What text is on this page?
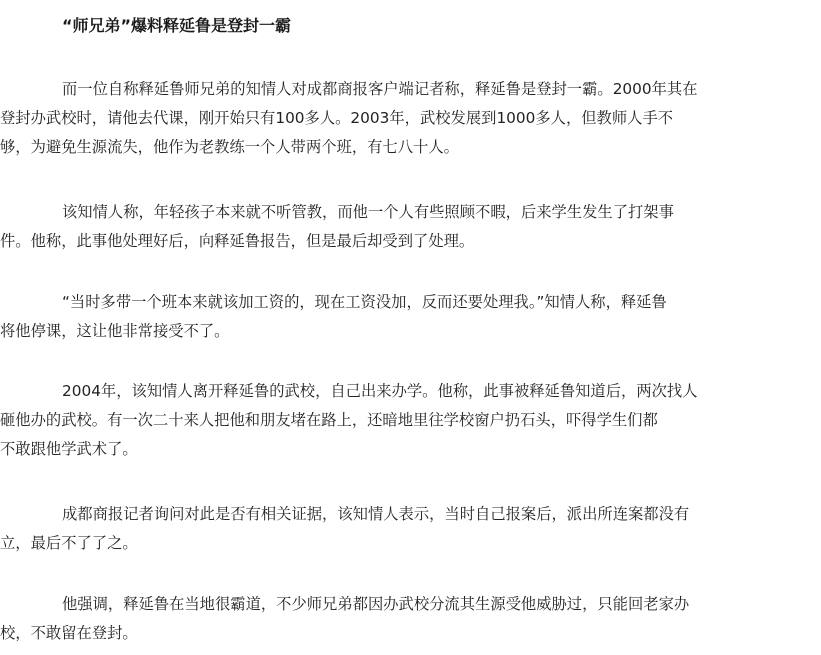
“师兄弟”爆料释延鲁是登封一霸
而一位自称释延鲁师兄弟的知情人对成都商报客户端记者称，释延鲁是登封一霸。2000年其在
登封办武校时，请他去代课，刚开始只有100多人。2003年，武校发展到1000多人，但教师人手不
够，为避免生源流失，他作为老教练一个人带两个班，有七八十人。
该知情人称，年轻孩子本来就不听管教，而他一个人有些照顾不暇，后来学生发生了打架事
件。他称，此事他处理好后，向释延鲁报告，但是最后却受到了处理。
“当时多带一个班本来就该加工资的，现在工资没加，反而还要处理我。”知情人称，释延鲁
将他停课，这让他非常接受不了。
2004年，该知情人离开释延鲁的武校，自己出来办学。他称，此事被释延鲁知道后，两次找人
砸他办的武校。有一次二十来人把他和朋友堵在路上，还暗地里往学校窗户扔石头，吓得学生们都
不敢跟他学武术了。
成都商报记者询问对此是否有相关证据，该知情人表示，当时自己报案后，派出所连案都没有
立，最后不了了之。
他强调，释延鲁在当地很霸道，不少师兄弟都因办武校分流其生源受他威胁过，只能回老家办
校，不敢留在登封。
